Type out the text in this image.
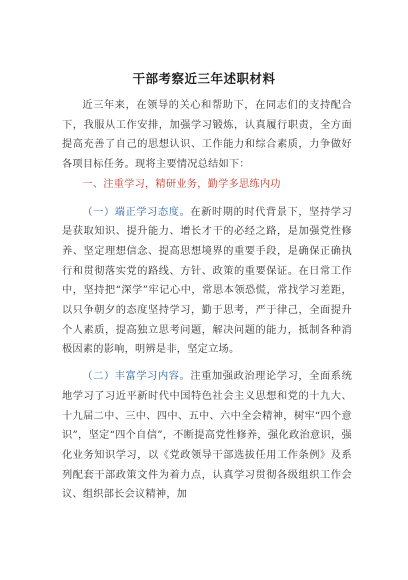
干部考察近三年述职材料

近三年来，在领导的关心和帮助下，在同志们的支持配合下，我服从工作安排，加强学习锻炼，认真履行职责，全方面提高充善了自己的思想认识、工作能力和综合素质，力争做好各项目标任务。现将主要情况总结如下：

一、注重学习，精研业务，勤学多思练内功

（一）端正学习态度。在新时期的时代背景下，坚持学习是获取知识、提升能力、增长才干的必经之路，是加强党性修养、坚定理想信念、提高思想境界的重要手段，是确保正确执行和贯彻落实党的路线、方针、政策的重要保证。在日常工作中，坚持把“深学”牢记心中，常思本领恐慌，常找学习差距，以只争朝夕的态度坚持学习，勤于思考，严于律己，全面提升个人素质，提高独立思考问题，解决问题的能力，抵制各种消极因素的影响，明辨是非，坚定立场。

（二）丰富学习内容。注重加强政治理论学习，全面系统地学习了习近平新时代中国特色社会主义思想和党的十九大、十九届二中、三中、四中、五中、六中全会精神，树牢“四个意识”，坚定“四个自信”，不断提高党性修养，强化政治意识，强化业务知识学习，以《党政领导干部选拔任用工作条例》及系列配套干部政策文件为着力点，认真学习贯彻各级组织工作会议、组织部长会议精神，加
